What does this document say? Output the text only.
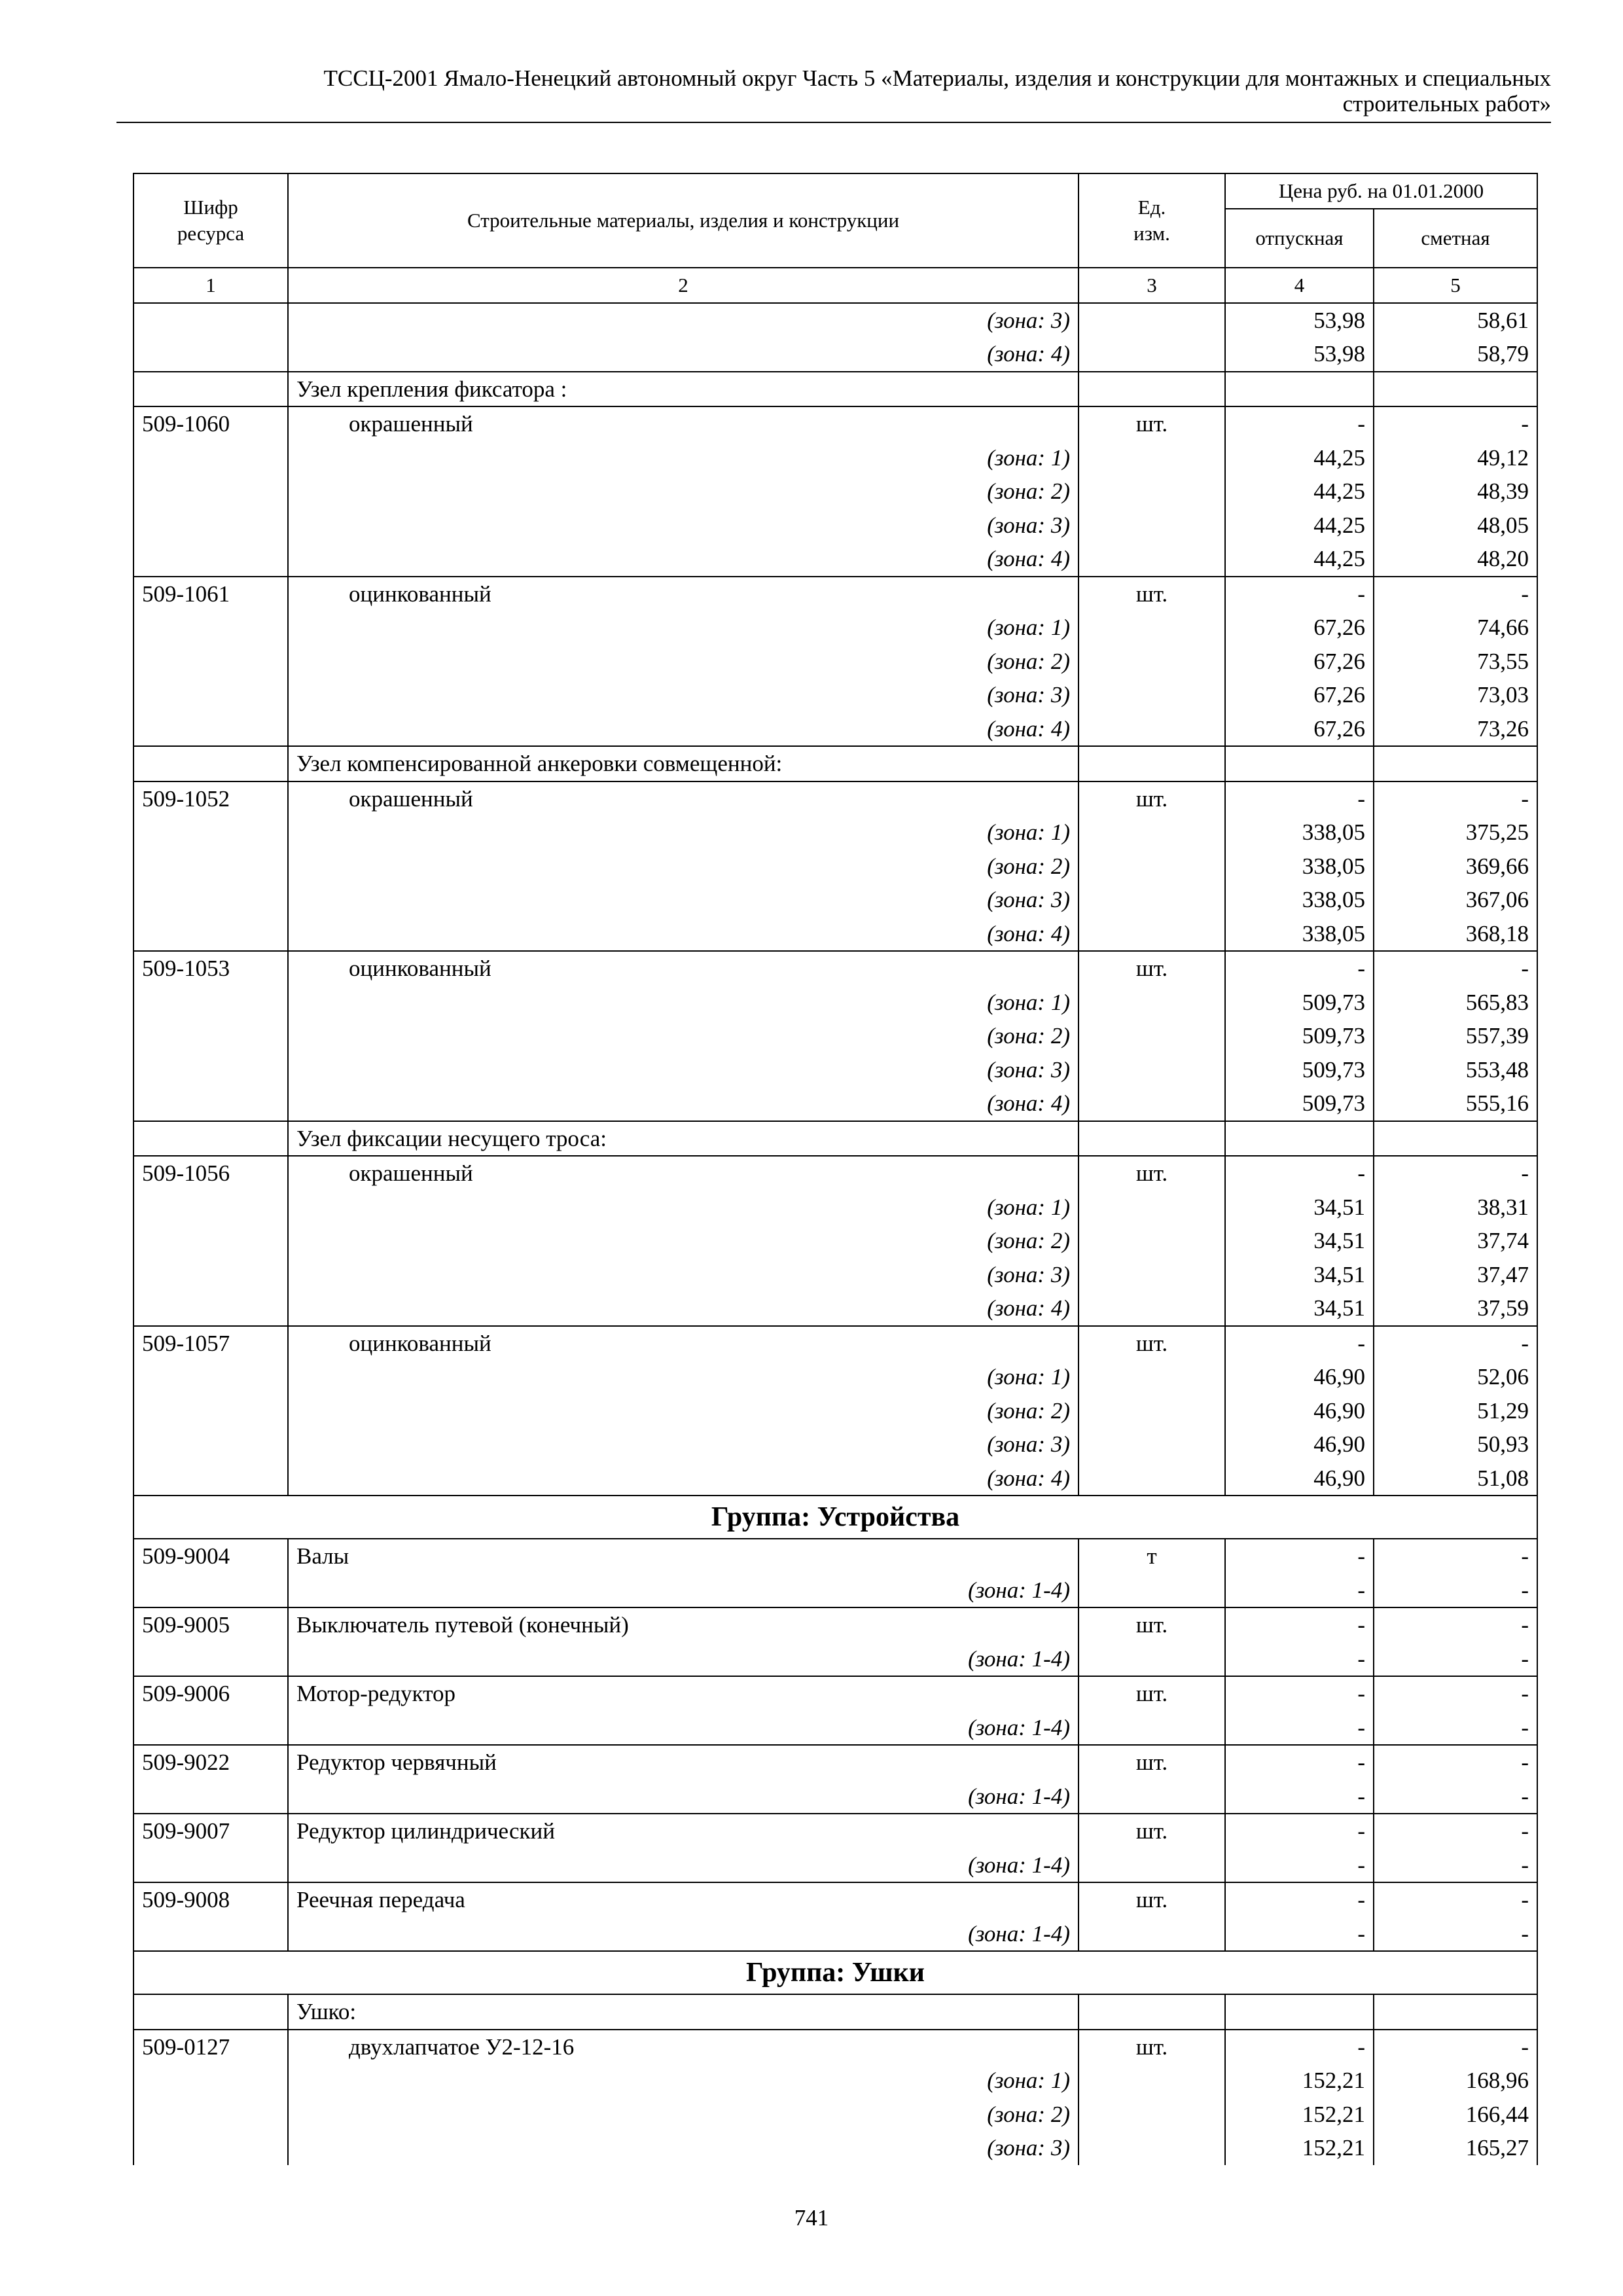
ТССЦ-2001 Ямало-Ненецкий автономный округ Часть 5 «Материалы, изделия и конструкции для монтажных и специальных
строительных работ»
Шифр ресурса	Строительные материалы, изделия и конструкции	Ед. изм.	Цена руб. на 01.01.2000	
			отпускная	сметная
1	2	3	4	5
	(зона: 3)		53,98	58,61
	(зона: 4)		53,98	58,79
	Узел крепления фиксатора :			
509-1060	окрашенный	шт.	-	-
	(зона: 1)		44,25	49,12
	(зона: 2)		44,25	48,39
	(зона: 3)		44,25	48,05
	(зона: 4)		44,25	48,20
509-1061	оцинкованный	шт.	-	-
	(зона: 1)		67,26	74,66
	(зона: 2)		67,26	73,55
	(зона: 3)		67,26	73,03
	(зона: 4)		67,26	73,26
	Узел компенсированной анкеровки совмещенной:			
509-1052	окрашенный	шт.	-	-
	(зона: 1)		338,05	375,25
	(зона: 2)		338,05	369,66
	(зона: 3)		338,05	367,06
	(зона: 4)		338,05	368,18
509-1053	оцинкованный	шт.	-	-
	(зона: 1)		509,73	565,83
	(зона: 2)		509,73	557,39
	(зона: 3)		509,73	553,48
	(зона: 4)		509,73	555,16
	Узел фиксации несущего троса:			
509-1056	окрашенный	шт.	-	-
	(зона: 1)		34,51	38,31
	(зона: 2)		34,51	37,74
	(зона: 3)		34,51	37,47
	(зона: 4)		34,51	37,59
509-1057	оцинкованный	шт.	-	-
	(зона: 1)		46,90	52,06
	(зона: 2)		46,90	51,29
	(зона: 3)		46,90	50,93
	(зона: 4)		46,90	51,08
Группа: Устройства				
509-9004	Валы	т	-	-
	(зона: 1-4)		-	-
509-9005	Выключатель путевой (конечный)	шт.	-	-
	(зона: 1-4)		-	-
509-9006	Мотор-редуктор	шт.	-	-
	(зона: 1-4)		-	-
509-9022	Редуктор червячный	шт.	-	-
	(зона: 1-4)		-	-
509-9007	Редуктор цилиндрический	шт.	-	-
	(зона: 1-4)		-	-
509-9008	Реечная передача	шт.	-	-
	(зона: 1-4)		-	-
Группа: Ушки				
	Ушко:			
509-0127	двухлапчатое У2-12-16	шт.	-	-
	(зона: 1)		152,21	168,96
	(зона: 2)		152,21	166,44
	(зона: 3)		152,21	165,27
741
